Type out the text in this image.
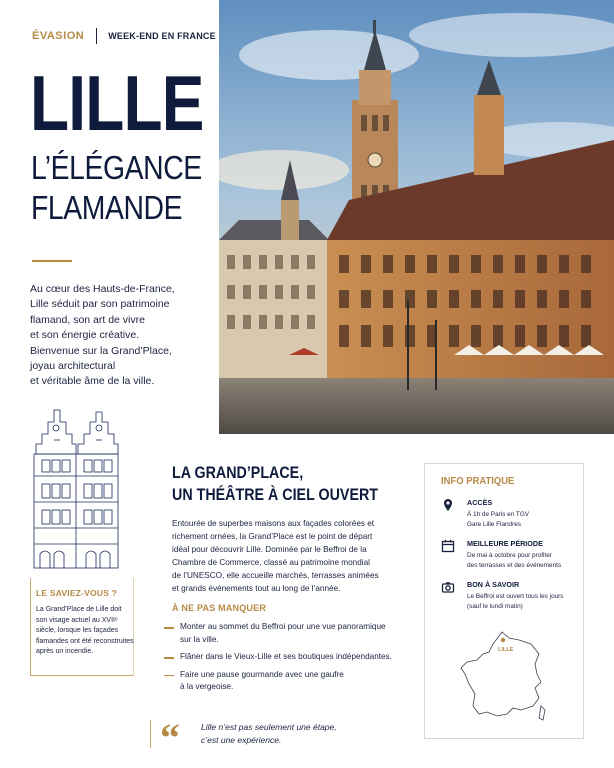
ÉVASION	WEEK-END EN FRANCE
LILLE
L’ÉLÉGANCE
FLAMANDE
Au cœur des Hauts-de-France,
Lille séduit par son patrimoine
flamand, son art de vivre
et son énergie créative.
Bienvenue sur la Grand’Place,
joyau architectural
et véritable âme de la ville.
LE SAVIEZ-VOUS ?
La Grand’Place de Lille doit son visage actuel au XVIIᵉ siècle, lorsque les façades flamandes ont été reconstruites après un incendie.
LA GRAND’PLACE,
UN THÉÂTRE À CIEL OUVERT
Entourée de superbes maisons aux façades colorées et
richement ornées, la Grand’Place est le point de départ
idéal pour découvrir Lille. Dominée par le Beffroi de la
Chambre de Commerce, classé au patrimoine mondial
de l’UNESCO, elle accueille marchés, terrasses animées
et grands événements tout au long de l’année.
À NE PAS MANQUER
Monter au sommet du Beffroi pour une vue panoramique
sur la ville.
Flâner dans le Vieux-Lille et ses boutiques indépendantes.
Faire une pause gourmande avec une gaufre
à la vergeoise.
“ Lille n’est pas seulement une étape,
c’est une expérience.
INFO PRATIQUE
ACCÈS
À 1h de Paris en TGV
Gare Lille Flandres
MEILLEURE PÉRIODE
De mai à octobre pour profiter
des terrasses et des événements
BON À SAVOIR
Le Beffroi est ouvert tous les jours
(sauf le lundi matin)
LILLE
